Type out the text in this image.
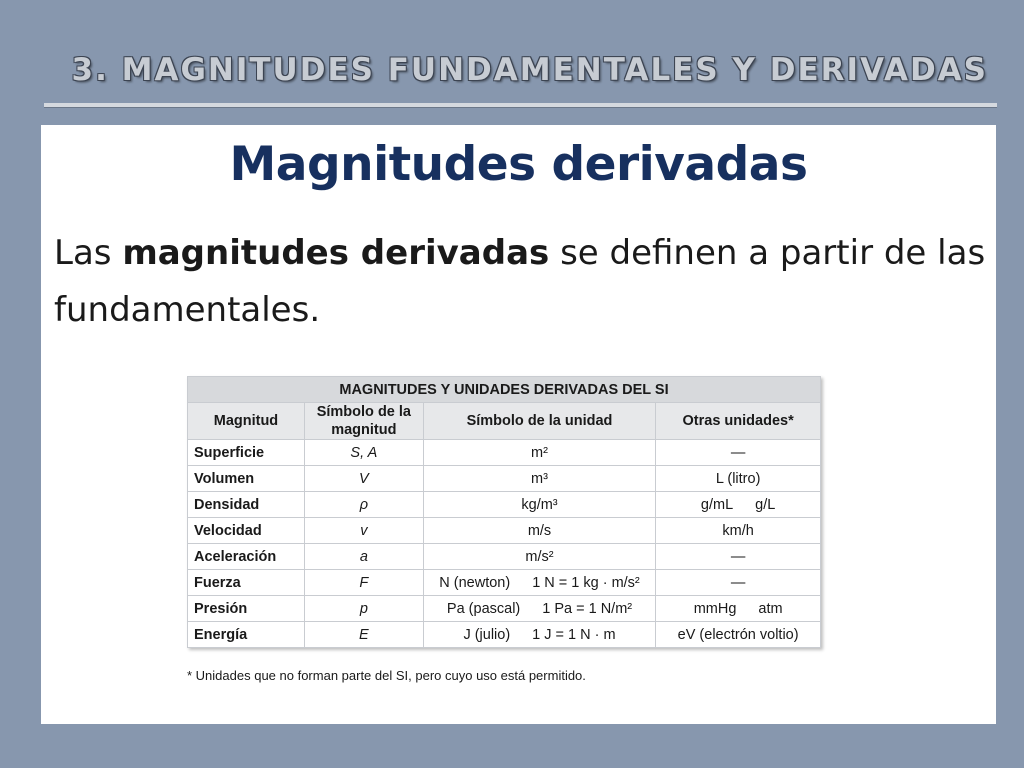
3. MAGNITUDES FUNDAMENTALES Y DERIVADAS
Magnitudes derivadas
Las magnitudes derivadas se definen a partir de las fundamentales.
MAGNITUDES Y UNIDADES DERIVADAS DEL SI			
Magnitud	Símbolo de la magnitud	Símbolo de la unidad	Otras unidades*
Superficie	S, A	m²	—
Volumen	V	m³	L (litro)
Densidad	ρ	kg/m³	g/mL g/L
Velocidad	v	m/s	km/h
Aceleración	a	m/s²	—
Fuerza	F	N (newton) 1 N = 1 kg · m/s²	—
Presión	p	Pa (pascal) 1 Pa = 1 N/m²	mmHg atm
Energía	E	J (julio) 1 J = 1 N · m	eV (electrón voltio)
* Unidades que no forman parte del SI, pero cuyo uso está permitido.
